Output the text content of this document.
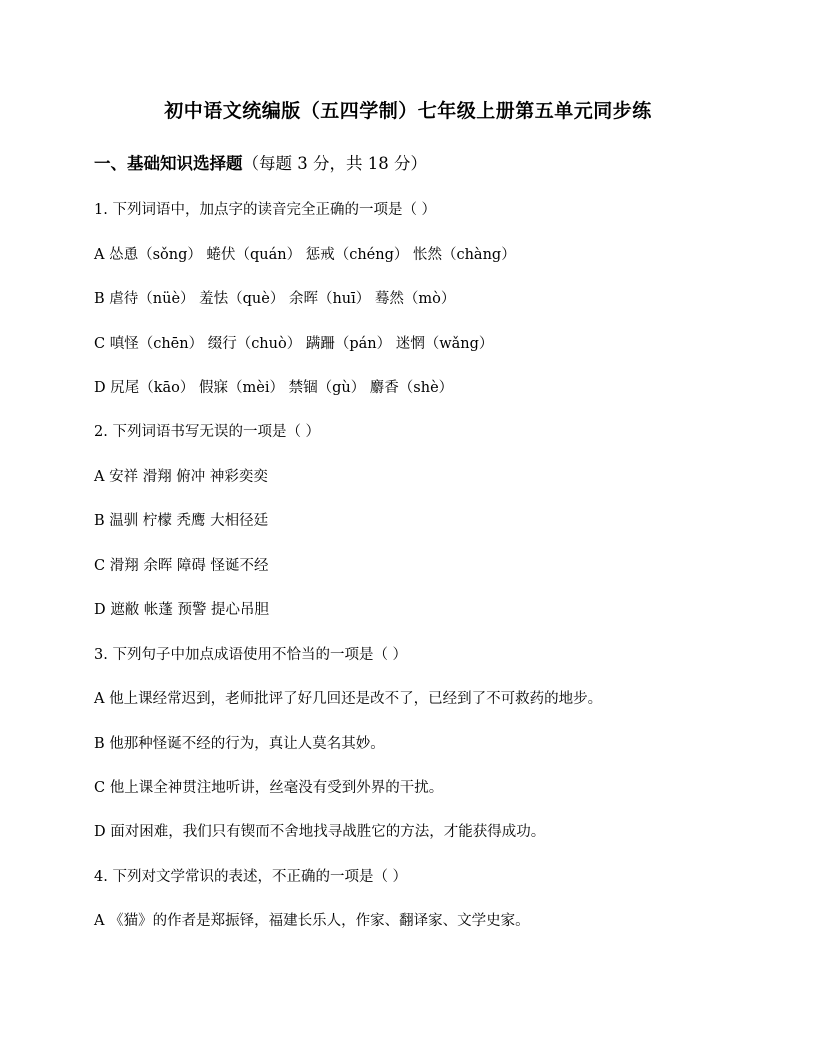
初中语文统编版（五四学制）七年级上册第五单元同步练
一、基础知识选择题（每题 3 分，共 18 分）
1. 下列词语中，加点字的读音完全正确的一项是（ ）
A 怂恿（sǒng） 蜷伏（quán） 惩戒（chéng） 怅然（chàng）
B 虐待（nüè） 羞怯（què） 余晖（huī） 蓦然（mò）
C 嗔怪（chēn） 缀行（chuò） 蹒跚（pán） 迷惘（wǎng）
D 尻尾（kāo） 假寐（mèi） 禁锢（gù） 麝香（shè）
2. 下列词语书写无误的一项是（ ）
A 安祥 滑翔 俯冲 神彩奕奕
B 温驯 柠檬 秃鹰 大相径廷
C 滑翔 余晖 障碍 怪诞不经
D 遮敝 帐蓬 预警 提心吊胆
3. 下列句子中加点成语使用不恰当的一项是（ ）
A 他上课经常迟到，老师批评了好几回还是改不了，已经到了不可救药的地步。
B 他那种怪诞不经的行为，真让人莫名其妙。
C 他上课全神贯注地听讲，丝毫没有受到外界的干扰。
D 面对困难，我们只有锲而不舍地找寻战胜它的方法，才能获得成功。
4. 下列对文学常识的表述，不正确的一项是（ ）
A 《猫》的作者是郑振铎，福建长乐人，作家、翻译家、文学史家。
